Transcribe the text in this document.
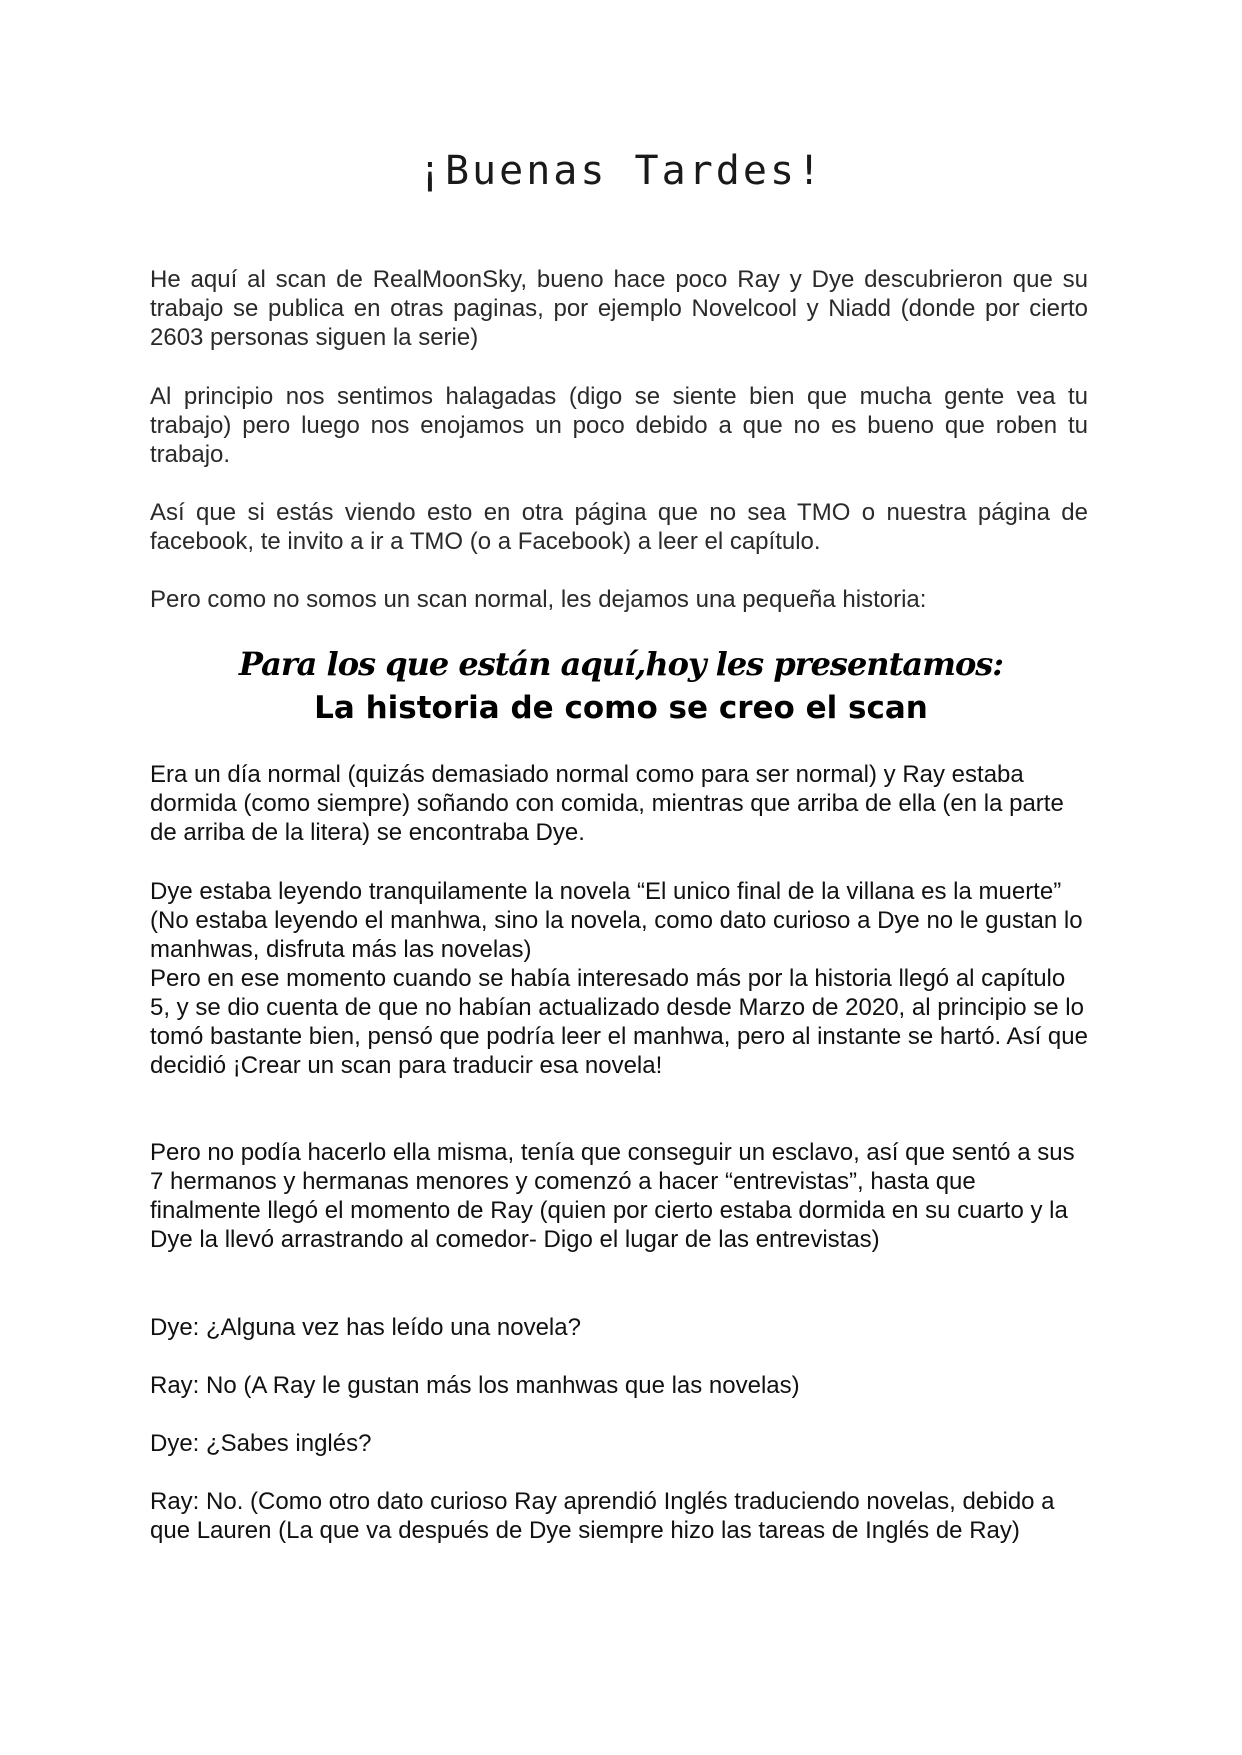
¡Buenas Tardes!

He aquí al scan de RealMoonSky, bueno hace poco Ray y Dye descubrieron que su trabajo se publica en otras paginas, por ejemplo Novelcool y Niadd (donde por cierto 2603 personas siguen la serie)

Al principio nos sentimos halagadas (digo se siente bien que mucha gente vea tu trabajo) pero luego nos enojamos un poco debido a que no es bueno que roben tu trabajo.

Así que si estás viendo esto en otra página que no sea TMO o nuestra página de facebook, te invito a ir a TMO (o a Facebook) a leer el capítulo.

Pero como no somos un scan normal, les dejamos una pequeña historia:

Para los que están aquí,hoy les presentamos:
La historia de como se creo el scan

Era un día normal (quizás demasiado normal como para ser normal) y Ray estaba dormida (como siempre) soñando con comida, mientras que arriba de ella (en la parte de arriba de la litera) se encontraba Dye.

Dye estaba leyendo tranquilamente la novela “El unico final de la villana es la muerte” (No estaba leyendo el manhwa, sino la novela, como dato curioso a Dye no le gustan lo manhwas, disfruta más las novelas)
Pero en ese momento cuando se había interesado más por la historia llegó al capítulo 5, y se dio cuenta de que no habían actualizado desde Marzo de 2020, al principio se lo tomó bastante bien, pensó que podría leer el manhwa, pero al instante se hartó. Así que decidió ¡Crear un scan para traducir esa novela!

Pero no podía hacerlo ella misma, tenía que conseguir un esclavo, así que sentó a sus 7 hermanos y hermanas menores y comenzó a hacer “entrevistas”, hasta que finalmente llegó el momento de Ray (quien por cierto estaba dormida en su cuarto y la Dye la llevó arrastrando al comedor- Digo el lugar de las entrevistas)

Dye: ¿Alguna vez has leído una novela?

Ray: No (A Ray le gustan más los manhwas que las novelas)

Dye: ¿Sabes inglés?

Ray: No. (Como otro dato curioso Ray aprendió Inglés traduciendo novelas, debido a que Lauren (La que va después de Dye siempre hizo las tareas de Inglés de Ray)
